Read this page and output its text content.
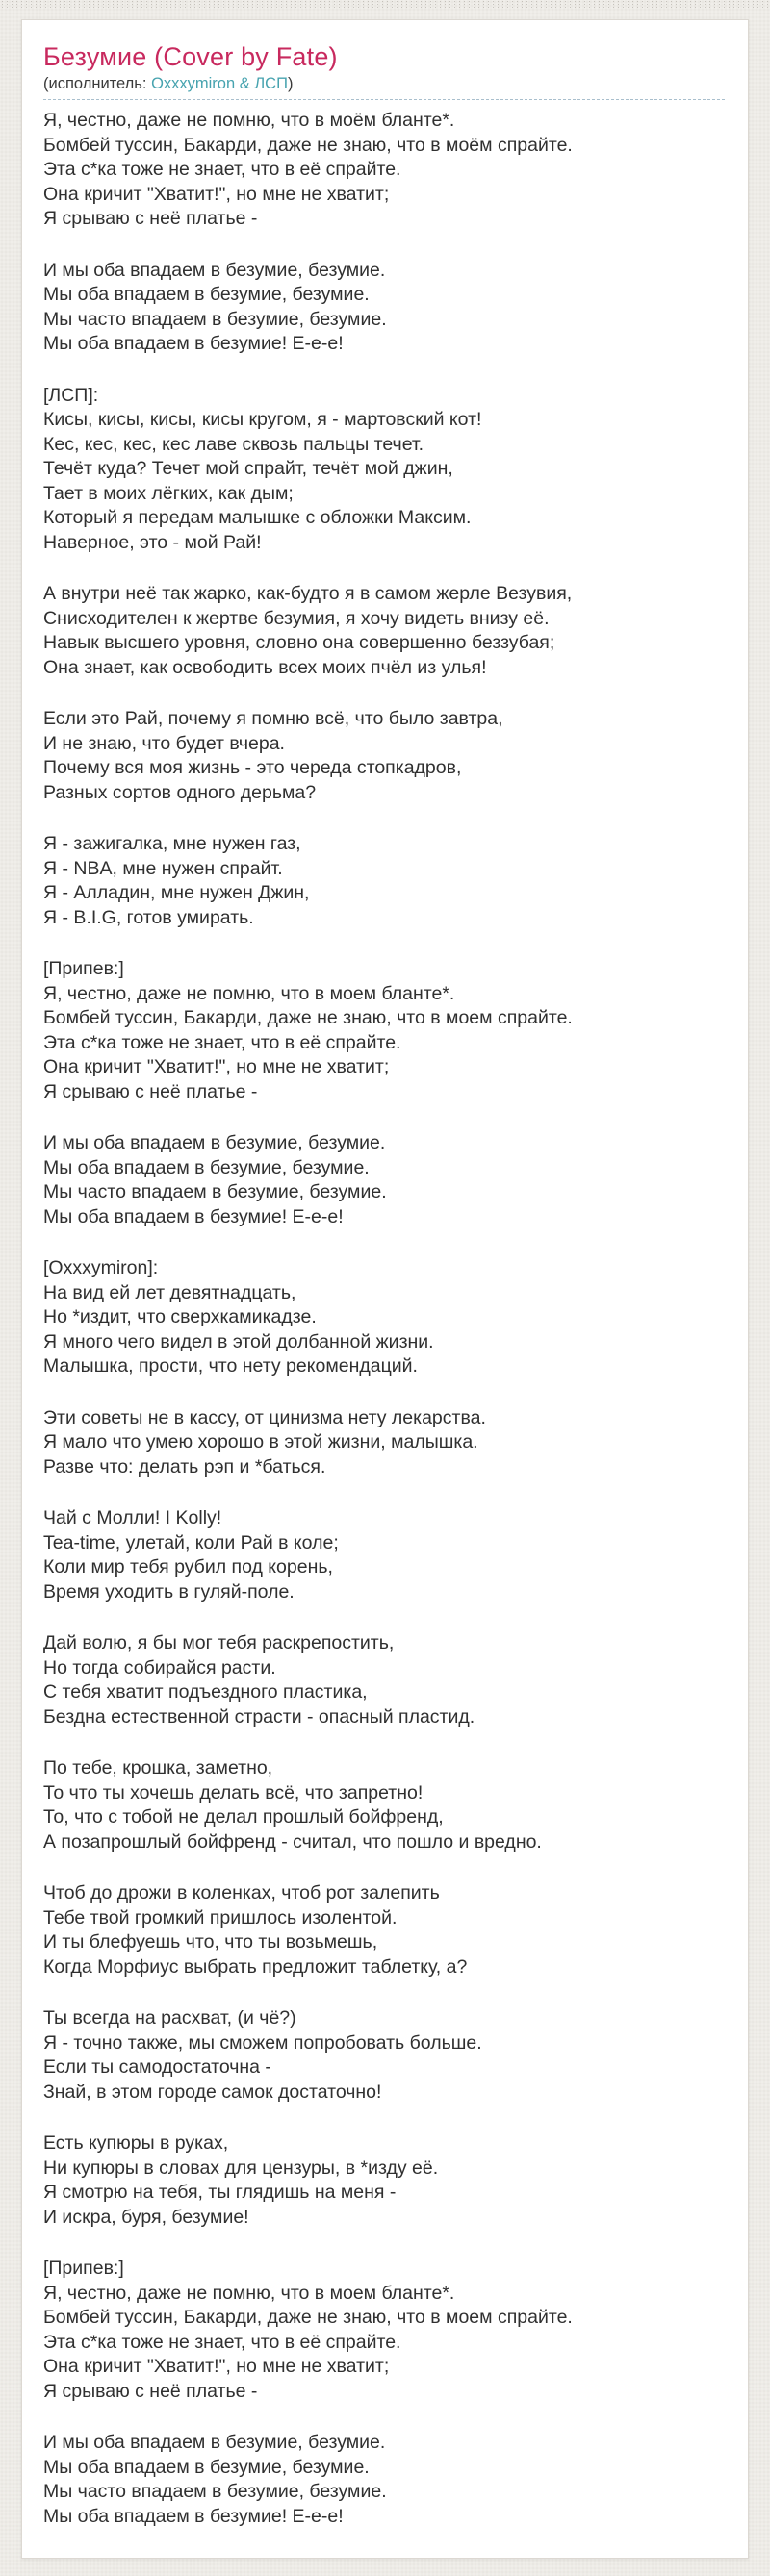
Безумие (Cover by Fate)
(исполнитель: Oxxxymiron & ЛСП)
Я, честно, даже не помню, что в моём бланте*.
Бомбей туссин, Бакарди, даже не знаю, что в моём спрайте.
Эта с*ка тоже не знает, что в её спрайте.
Она кричит "Хватит!", но мне не хватит;
Я срываю с неё платье -
И мы оба впадаем в безумие, безумие.
Мы оба впадаем в безумие, безумие.
Мы часто впадаем в безумие, безумие.
Мы оба впадаем в безумие! Е-е-е!
[ЛСП]:
Кисы, кисы, кисы, кисы кругом, я - мартовский кот!
Кес, кес, кес, кес лаве сквозь пальцы течет.
Течёт куда? Течет мой спрайт, течёт мой джин,
Тает в моих лёгких, как дым;
Который я передам малышке с обложки Максим.
Наверное, это - мой Рай!
А внутри неё так жарко, как-будто я в самом жерле Везувия,
Снисходителен к жертве безумия, я хочу видеть внизу её.
Навык высшего уровня, словно она совершенно беззубая;
Она знает, как освободить всех моих пчёл из улья!
Если это Рай, почему я помню всё, что было завтра,
И не знаю, что будет вчера.
Почему вся моя жизнь - это череда стопкадров,
Разных сортов одного дерьма?
Я - зажигалка, мне нужен газ,
Я - NBA, мне нужен спрайт.
Я - Алладин, мне нужен Джин,
Я - B.I.G, готов умирать.
[Припев:]
Я, честно, даже не помню, что в моем бланте*.
Бомбей туссин, Бакарди, даже не знаю, что в моем спрайте.
Эта с*ка тоже не знает, что в её спрайте.
Она кричит "Хватит!", но мне не хватит;
Я срываю с неё платье -
И мы оба впадаем в безумие, безумие.
Мы оба впадаем в безумие, безумие.
Мы часто впадаем в безумие, безумие.
Мы оба впадаем в безумие! Е-е-е!
[Oxxxymiron]:
На вид ей лет девятнадцать,
Но *издит, что сверхкамикадзе.
Я много чего видел в этой долбанной жизни.
Малышка, прости, что нету рекомендаций.
Эти советы не в кассу, от цинизма нету лекарства.
Я мало что умею хорошо в этой жизни, малышка.
Разве что: делать рэп и *баться.
Чай с Молли! I Kolly!
Tea-time, улетай, коли Рай в коле;
Коли мир тебя рубил под корень,
Время уходить в гуляй-поле.
Дай волю, я бы мог тебя раскрепостить,
Но тогда собирайся расти.
С тебя хватит подъездного пластика,
Бездна естественной страсти - опасный пластид.
По тебе, крошка, заметно,
То что ты хочешь делать всё, что запретно!
То, что с тобой не делал прошлый бойфренд,
А позапрошлый бойфренд - считал, что пошло и вредно.
Чтоб до дрожи в коленках, чтоб рот залепить
Тебе твой громкий пришлось изолентой.
И ты блефуешь что, что ты возьмешь,
Когда Морфиус выбрать предложит таблетку, а?
Ты всегда на расхват, (и чё?)
Я - точно также, мы сможем попробовать больше.
Если ты самодостаточна -
Знай, в этом городе самок достаточно!
Есть купюры в руках,
Ни купюры в словах для цензуры, в *изду её.
Я смотрю на тебя, ты глядишь на меня -
И искра, буря, безумие!
[Припев:]
Я, честно, даже не помню, что в моем бланте*.
Бомбей туссин, Бакарди, даже не знаю, что в моем спрайте.
Эта с*ка тоже не знает, что в её спрайте.
Она кричит "Хватит!", но мне не хватит;
Я срываю с неё платье -
И мы оба впадаем в безумие, безумие.
Мы оба впадаем в безумие, безумие.
Мы часто впадаем в безумие, безумие.
Мы оба впадаем в безумие! Е-е-е!
